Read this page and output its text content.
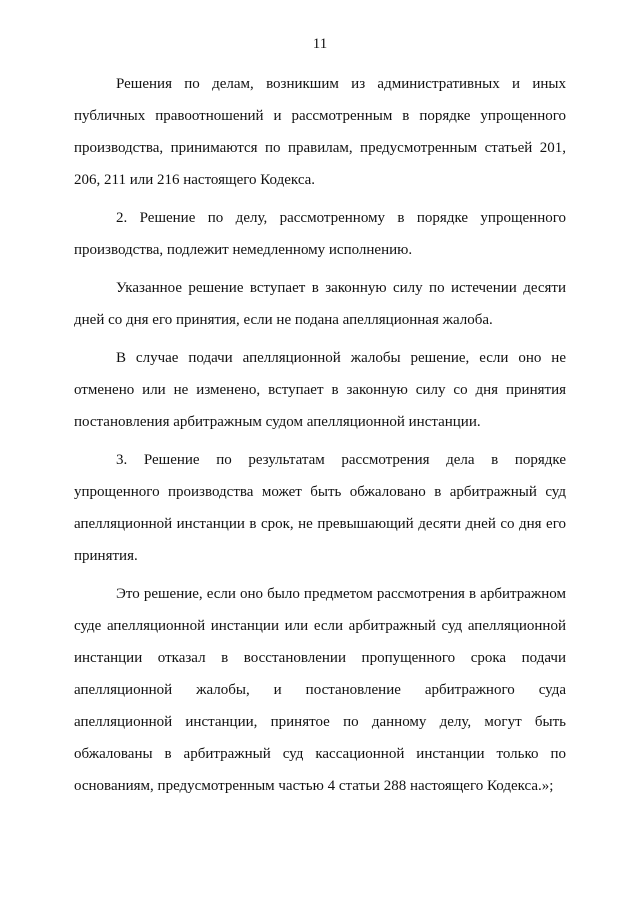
11
Решения по делам, возникшим из административных и иных
публичных правоотношений и рассмотренным в порядке упрощенного
производства, принимаются по правилам, предусмотренным статьей 201,
206, 211 или 216 настоящего Кодекса.
2. Решение по делу, рассмотренному в порядке упрощенного
производства, подлежит немедленному исполнению.
Указанное решение вступает в законную силу по истечении десяти
дней со дня его принятия, если не подана апелляционная жалоба.
В случае подачи апелляционной жалобы решение, если оно не
отменено или не изменено, вступает в законную силу со дня принятия
постановления арбитражным судом апелляционной инстанции.
3. Решение по результатам рассмотрения дела в порядке
упрощенного производства может быть обжаловано в арбитражный суд
апелляционной инстанции в срок, не превышающий десяти дней со дня его
принятия.
Это решение, если оно было предметом рассмотрения в арбитражном
суде апелляционной инстанции или если арбитражный суд апелляционной
инстанции отказал в восстановлении пропущенного срока подачи
апелляционной жалобы, и постановление арбитражного суда
апелляционной инстанции, принятое по данному делу, могут быть
обжалованы в арбитражный суд кассационной инстанции только по
основаниям, предусмотренным частью 4 статьи 288 настоящего Кодекса.»;
